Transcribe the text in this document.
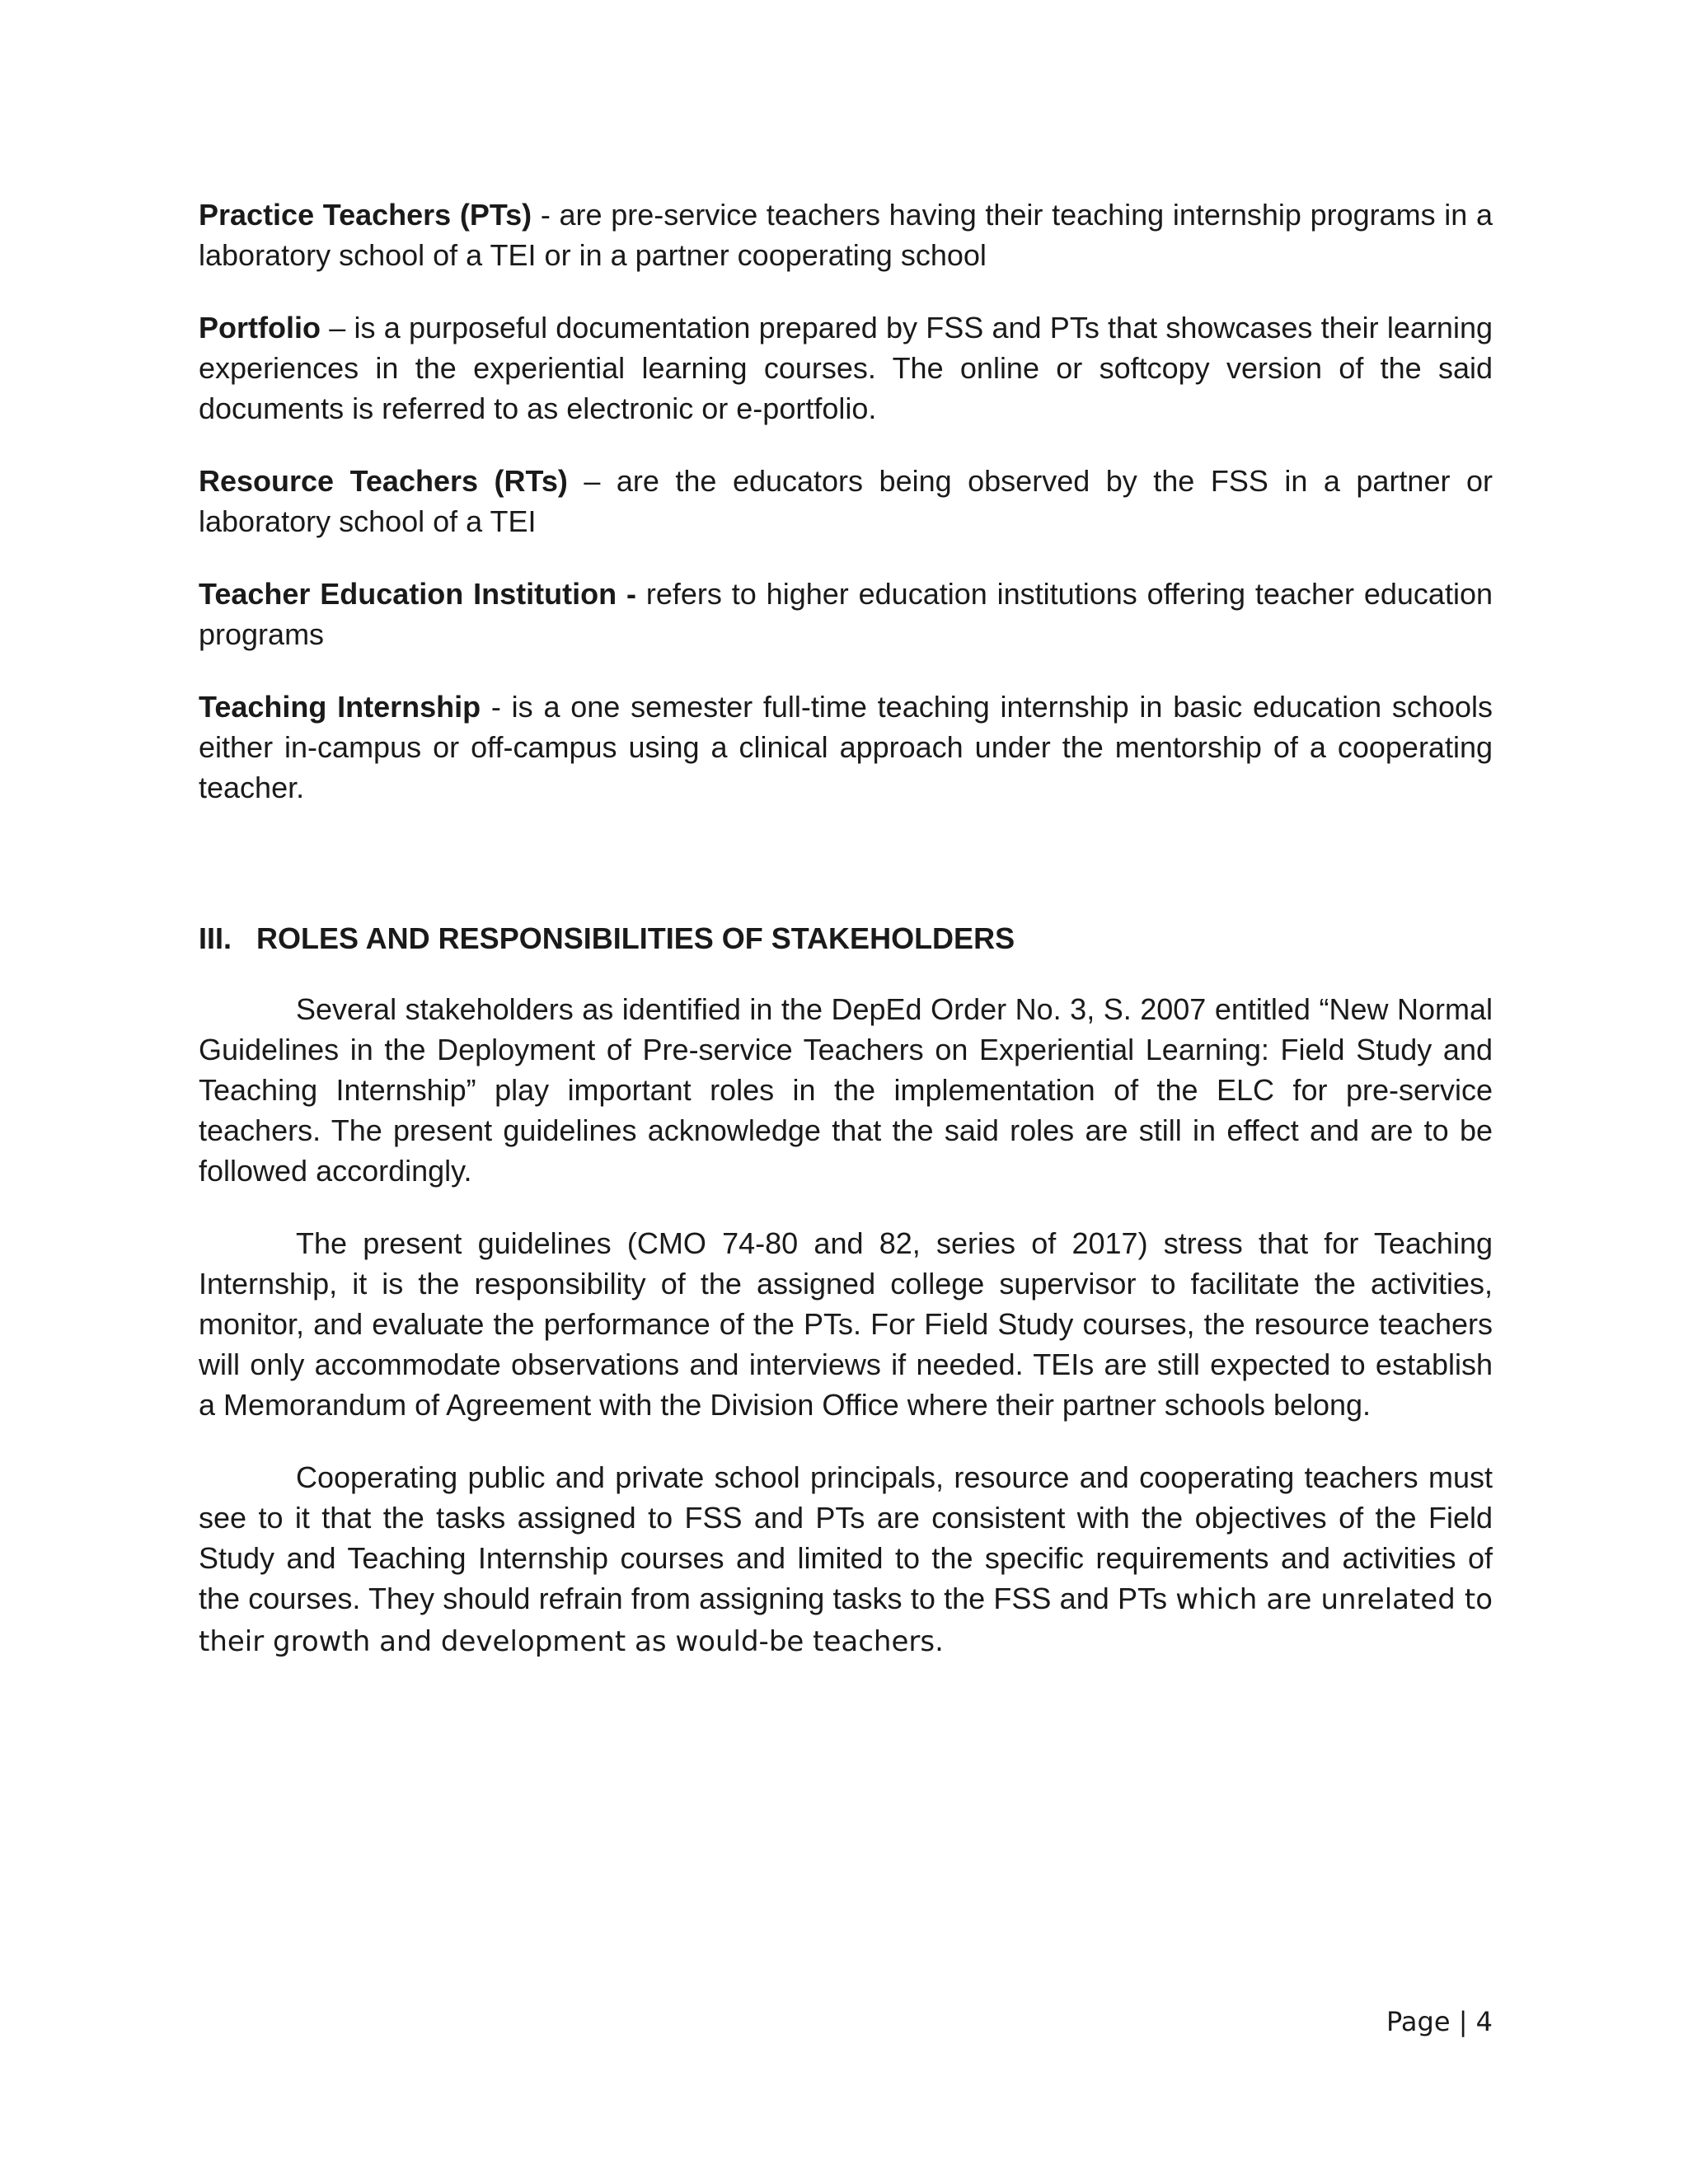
Practice Teachers (PTs) - are pre-service teachers having their teaching internship programs in a laboratory school of a TEI or in a partner cooperating school

Portfolio – is a purposeful documentation prepared by FSS and PTs that showcases their learning experiences in the experiential learning courses. The online or softcopy version of the said documents is referred to as electronic or e-portfolio.

Resource Teachers (RTs) – are the educators being observed by the FSS in a partner or laboratory school of a TEI

Teacher Education Institution - refers to higher education institutions offering teacher education programs

Teaching Internship - is a one semester full-time teaching internship in basic education schools either in-campus or off-campus using a clinical approach under the mentorship of a cooperating teacher.

III. ROLES AND RESPONSIBILITIES OF STAKEHOLDERS

Several stakeholders as identified in the DepEd Order No. 3, S. 2007 entitled “New Normal Guidelines in the Deployment of Pre-service Teachers on Experiential Learning: Field Study and Teaching Internship” play important roles in the implementation of the ELC for pre-service teachers. The present guidelines acknowledge that the said roles are still in effect and are to be followed accordingly.

The present guidelines (CMO 74-80 and 82, series of 2017) stress that for Teaching Internship, it is the responsibility of the assigned college supervisor to facilitate the activities, monitor, and evaluate the performance of the PTs. For Field Study courses, the resource teachers will only accommodate observations and interviews if needed. TEIs are still expected to establish a Memorandum of Agreement with the Division Office where their partner schools belong.

Cooperating public and private school principals, resource and cooperating teachers must see to it that the tasks assigned to FSS and PTs are consistent with the objectives of the Field Study and Teaching Internship courses and limited to the specific requirements and activities of the courses. They should refrain from assigning tasks to the FSS and PTs which are unrelated to their growth and development as would-be teachers.

Page | 4
